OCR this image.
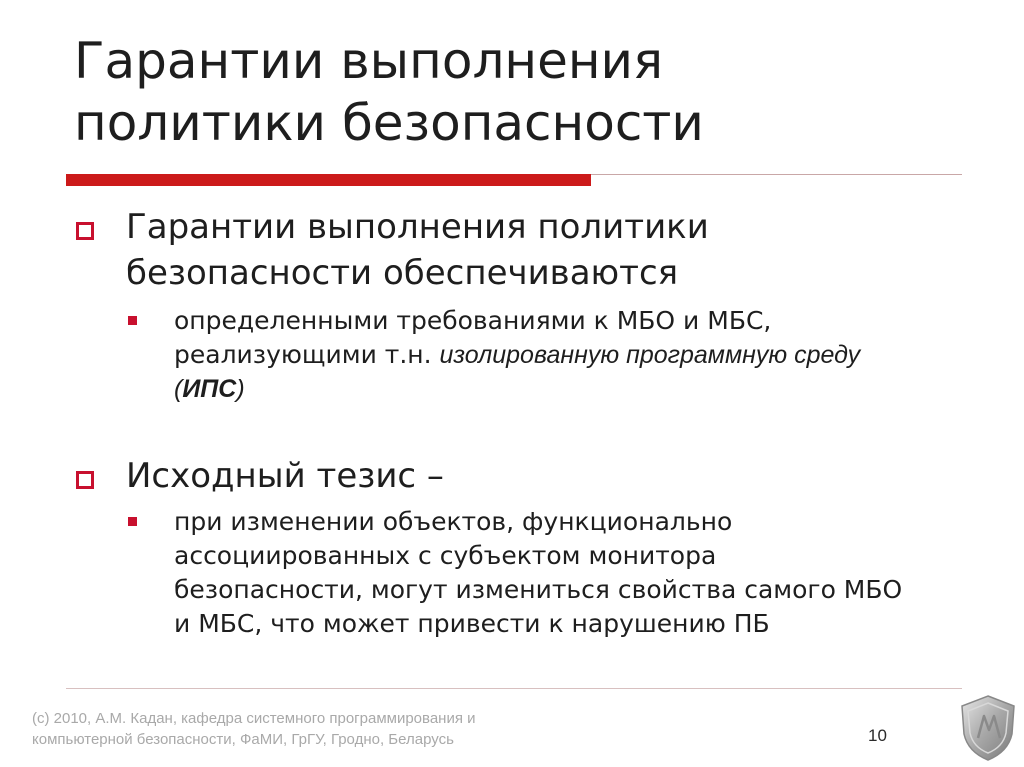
Гарантии выполнения
политики безопасности
Гарантии выполнения политики
безопасности обеспечиваются
определенными требованиями к МБО и МБС,
реализующими т.н. изолированную программную среду
(ИПС)
Исходный тезис –
при изменении объектов, функционально
ассоциированных с субъектом монитора
безопасности, могут измениться свойства самого МБО
и МБС, что может привести к нарушению ПБ
(c) 2010, А.М. Кадан, кафедра системного программирования и
компьютерной безопасности, ФаМИ, ГрГУ, Гродно, Беларусь	10
